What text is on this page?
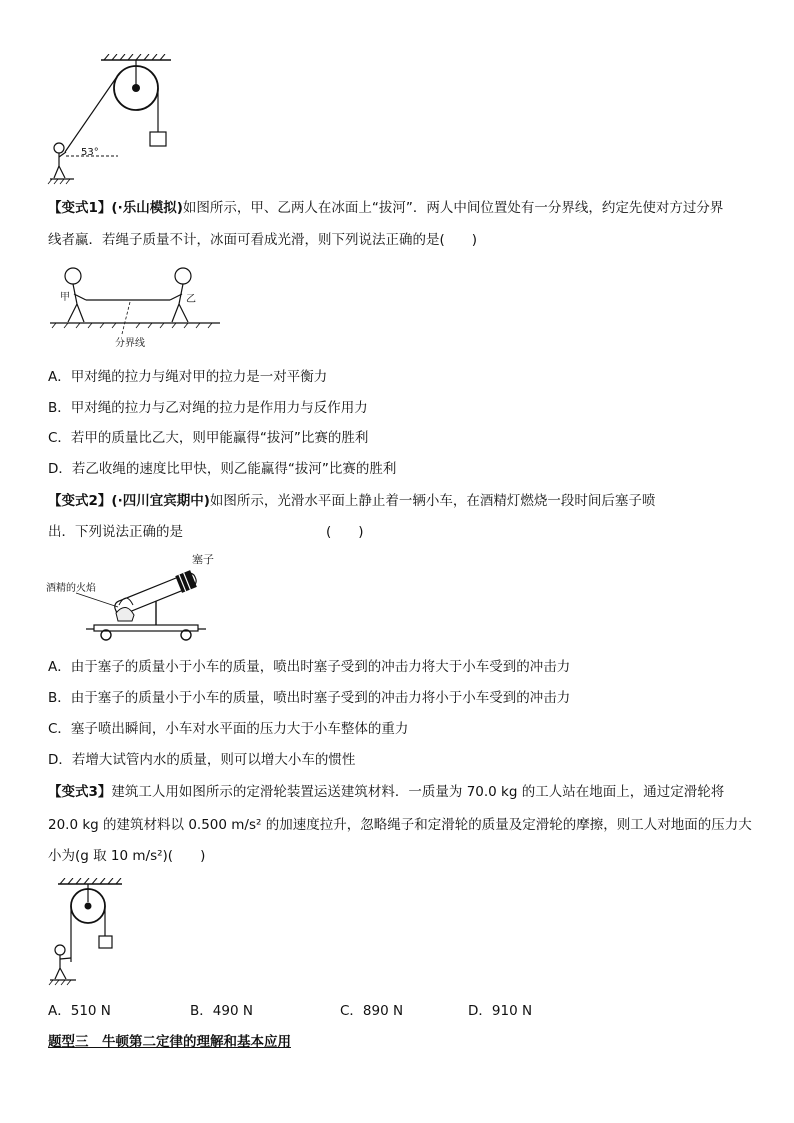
53°
【变式1】(·乐山模拟)如图所示，甲、乙两人在冰面上“拔河”．两人中间位置处有一分界线，约定先使对方过分界
线者赢．若绳子质量不计，冰面可看成光滑，则下列说法正确的是(　　)
甲	乙
分界线
A．甲对绳的拉力与绳对甲的拉力是一对平衡力
B．甲对绳的拉力与乙对绳的拉力是作用力与反作用力
C．若甲的质量比乙大，则甲能赢得“拔河”比赛的胜利
D．若乙收绳的速度比甲快，则乙能赢得“拔河”比赛的胜利
【变式2】(·四川宜宾期中)如图所示，光滑水平面上静止着一辆小车，在酒精灯燃烧一段时间后塞子喷
出．下列说法正确的是	(　　)
酒精的火焰
塞子
A．由于塞子的质量小于小车的质量，喷出时塞子受到的冲击力将大于小车受到的冲击力
B．由于塞子的质量小于小车的质量，喷出时塞子受到的冲击力将小于小车受到的冲击力
C．塞子喷出瞬间，小车对水平面的压力大于小车整体的重力
D．若增大试管内水的质量，则可以增大小车的惯性
【变式3】建筑工人用如图所示的定滑轮装置运送建筑材料．一质量为 70.0 kg 的工人站在地面上，通过定滑轮将
20.0 kg 的建筑材料以 0.500 m/s² 的加速度拉升，忽略绳子和定滑轮的质量及定滑轮的摩擦，则工人对地面的压力大
小为(g 取 10 m/s²)(　　)
A．510 N	B．490 N	C．890 N	D．910 N
题型三　牛顿第二定律的理解和基本应用
